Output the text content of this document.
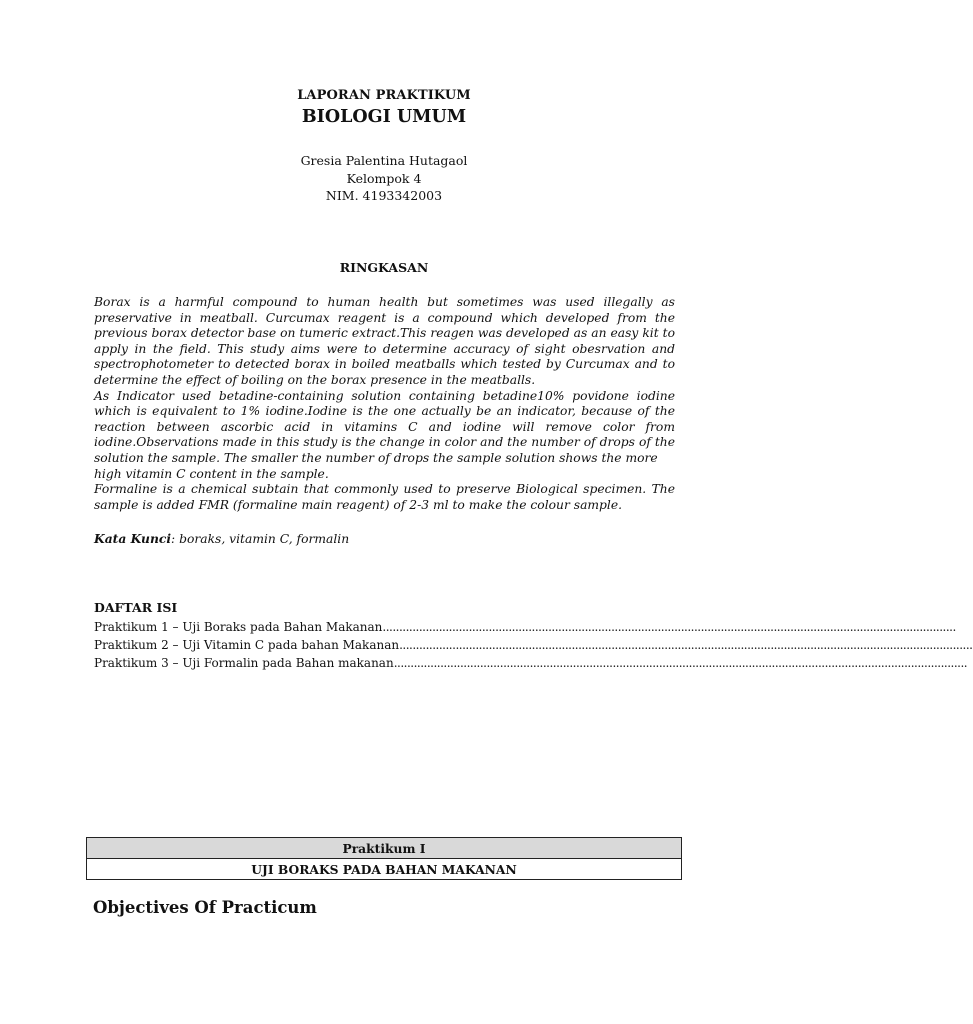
LAPORAN PRAKTIKUM
BIOLOGI UMUM
Gresia Palentina Hutagaol
Kelompok 4
NIM. 4193342003
RINGKASAN

Borax is a harmful compound to human health but sometimes was used illegally as preservative in meatball. Curcumax reagent is a compound which developed from the previous borax detector base on tumeric extract.This reagen was developed as an easy kit to apply in the field. This study aims were to determine accuracy of sight obesrvation and spectrophotometer to detected borax in boiled meatballs which tested by Curcumax and to determine the effect of boiling on the borax presence in the meatballs.

As Indicator used betadine-containing solution containing betadine10% povidone iodine which is equivalent to 1% iodine.Iodine is the one actually be an indicator, because of the reaction between ascorbic acid in vitamins C and iodine will remove color from iodine.Observations made in this study is the change in color and the number of drops of the solution the sample. The smaller the number of drops the sample solution shows the more

high vitamin C content in the sample.

Formaline is a chemical subtain that commonly used to preserve Biological specimen. The sample is added FMR (formaline main reagent) of 2-3 ml to make the colour sample.

Kata Kunci: boraks, vitamin C, formalin
DAFTAR ISI
Praktikum 1 – Uji Boraks pada Bahan Makanan .............................................................................................................................................................................
Praktikum 2 – Uji Vitamin C pada bahan Makanan .............................................................................................................................................................................
Praktikum 3 – Uji Formalin pada Bahan makanan .............................................................................................................................................................................
Praktikum I
UJI BORAKS PADA BAHAN MAKANAN
Objectives Of Practicum
